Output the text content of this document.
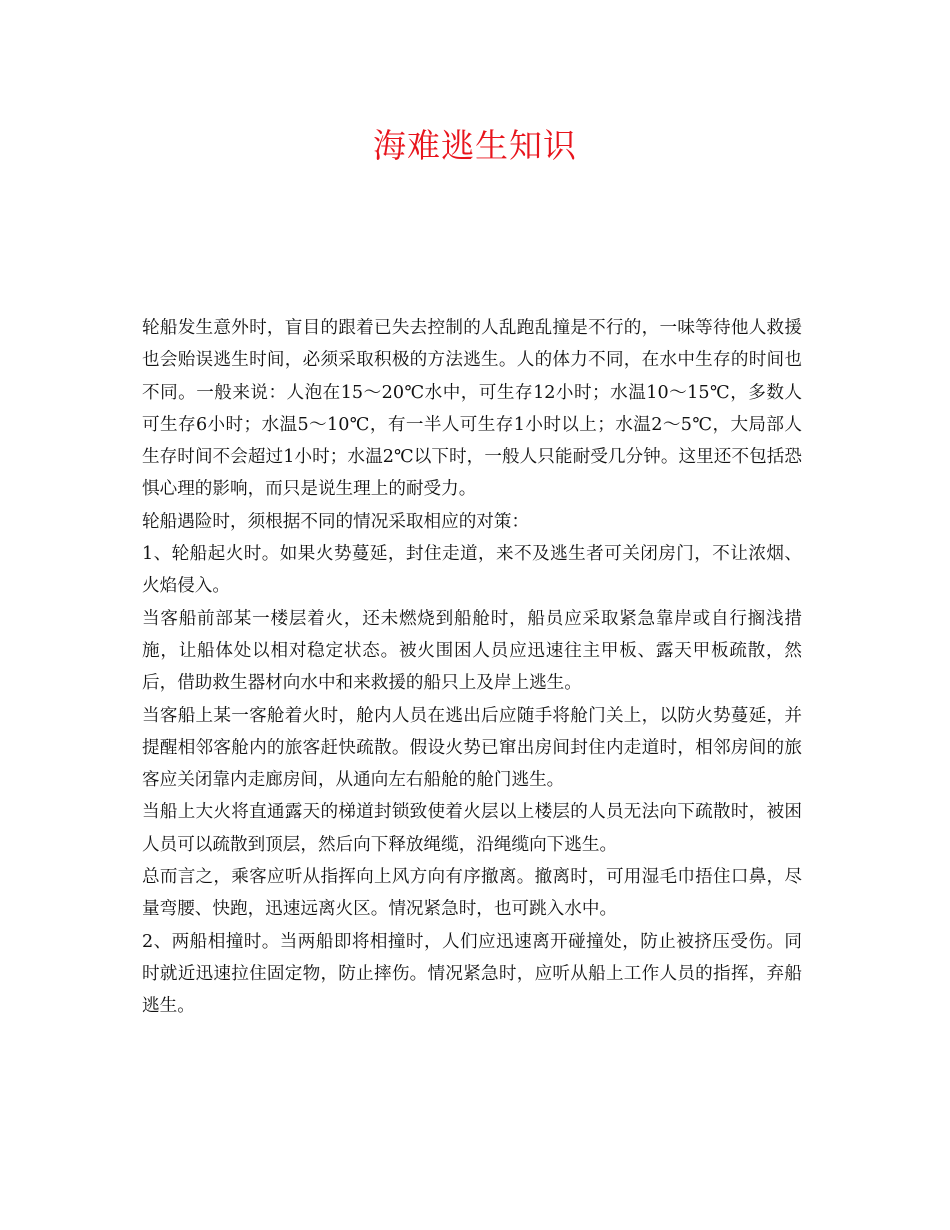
海难逃生知识

轮船发生意外时，盲目的跟着已失去控制的人乱跑乱撞是不行的，一味等待他人救援也会贻误逃生时间，必须采取积极的方法逃生。人的体力不同，在水中生存的时间也不同。一般来说：人泡在15～20℃水中，可生存12小时；水温10～15℃，多数人可生存6小时；水温5～10℃，有一半人可生存1小时以上；水温2～5℃，大局部人生存时间不会超过1小时；水温2℃以下时，一般人只能耐受几分钟。这里还不包括恐惧心理的影响，而只是说生理上的耐受力。

轮船遇险时，须根据不同的情况采取相应的对策：

1、轮船起火时。如果火势蔓延，封住走道，来不及逃生者可关闭房门，不让浓烟、火焰侵入。

当客船前部某一楼层着火，还未燃烧到船舱时，船员应采取紧急靠岸或自行搁浅措施，让船体处以相对稳定状态。被火围困人员应迅速往主甲板、露天甲板疏散，然后，借助救生器材向水中和来救援的船只上及岸上逃生。

当客船上某一客舱着火时，舱内人员在逃出后应随手将舱门关上，以防火势蔓延，并提醒相邻客舱内的旅客赶快疏散。假设火势已窜出房间封住内走道时，相邻房间的旅客应关闭靠内走廊房间，从通向左右船舱的舱门逃生。

当船上大火将直通露天的梯道封锁致使着火层以上楼层的人员无法向下疏散时，被困人员可以疏散到顶层，然后向下释放绳缆，沿绳缆向下逃生。

总而言之，乘客应听从指挥向上风方向有序撤离。撤离时，可用湿毛巾捂住口鼻，尽量弯腰、快跑，迅速远离火区。情况紧急时，也可跳入水中。

2、两船相撞时。当两船即将相撞时，人们应迅速离开碰撞处，防止被挤压受伤。同时就近迅速拉住固定物，防止摔伤。情况紧急时，应听从船上工作人员的指挥，弃船逃生。
